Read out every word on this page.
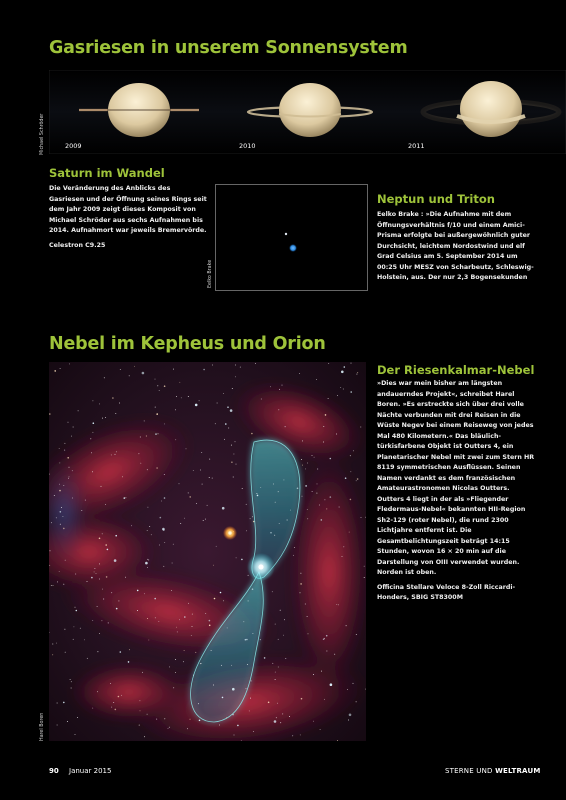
Gasriesen in unserem Sonnensystem
2009	2010	2011
Michael Schröder
Saturn im Wandel

Die Veränderung des Anblicks des Gasriesen und der Öffnung seines Rings seit dem Jahr 2009 zeigt dieses Komposit von Michael Schröder aus sechs Aufnahmen bis 2014. Aufnahmort war jeweils Bremervörde.

Celestron C9.25

Eelko Brake
Neptun und Triton

Eelko Brake : »Die Aufnahme mit dem Öffnungsverhältnis f/10 und einem Amici-Prisma erfolgte bei außergewöhnlich guter Durchsicht, leichtem Nordostwind und elf Grad Celsius am 5. September 2014 um 00:25 Uhr MESZ von Scharbeutz, Schleswig-Holstein, aus. Der nur 2,3 Bogensekunden

Nebel im Kepheus und Orion
Harel Boren
Der Riesenkalmar-Nebel

»Dies war mein bisher am längsten andauerndes Projekt«, schreibet Harel Boren. »Es erstreckte sich über drei volle Nächte verbunden mit drei Reisen in die Wüste Negev bei einem Reiseweg von jedes Mal 480 Kilometern.« Das bläulich-türkisfarbene Objekt ist Outters 4, ein Planetarischer Nebel mit zwei zum Stern HR 8119 symmetrischen Ausflüssen. Seinen Namen verdankt es dem französischen Amateurastronomen Nicolas Outters. Outters 4 liegt in der als »Fliegender Fledermaus-Nebel« bekannten HII-Region Sh2-129 (roter Nebel), die rund 2300 Lichtjahre entfernt ist. Die Gesamtbelichtungszeit beträgt 14:15 Stunden, wovon 16 × 20 min auf die Darstellung von OIII verwendet wurden. Norden ist oben.

Officina Stellare Veloce 8-Zoll Riccardi-Honders, SBIG ST8300M

90 Januar 2015	STERNE UND WELTRAUM
